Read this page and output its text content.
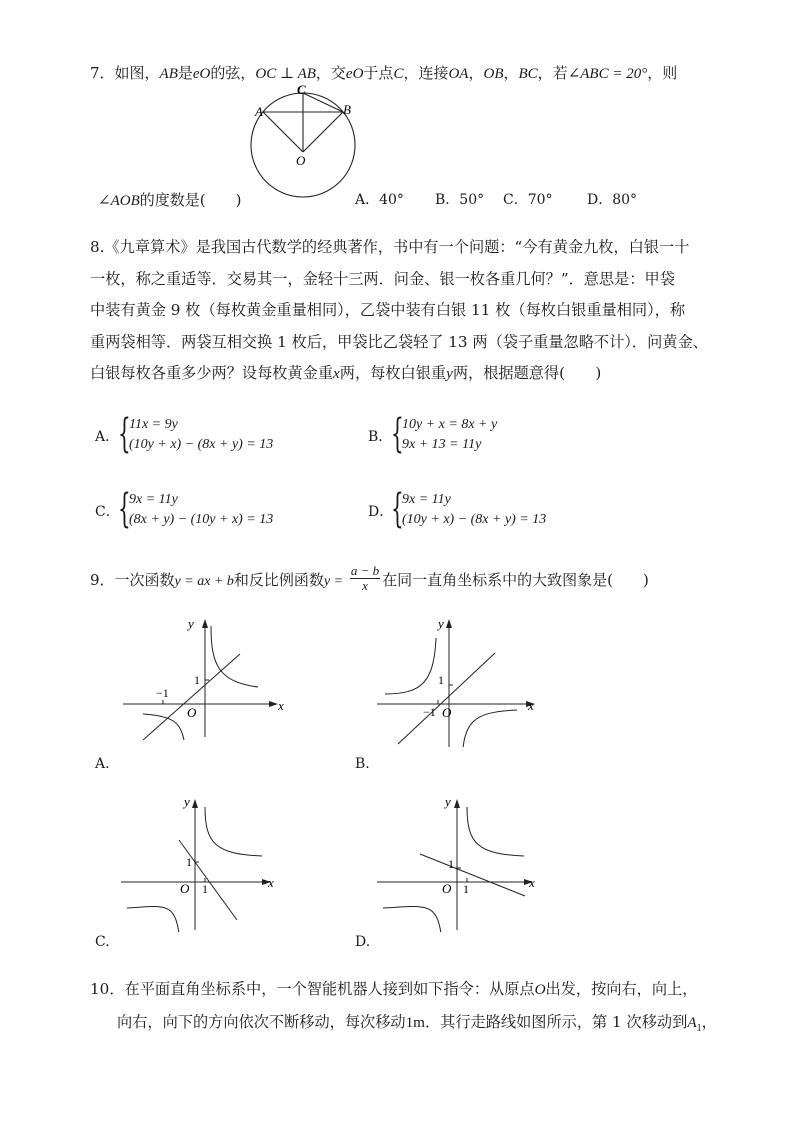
7．如图，AB是eO的弦，OC ⊥ AB，交eO于点C，连接OA，OB，BC，若∠ABC = 20°，则
A	B
C
O
∠AOB的度数是(　　)	A．40° B．50° C．70° D．80°
8.《九章算术》是我国古代数学的经典著作，书中有一个问题：“今有黄金九枚，白银一十
一枚，称之重适等．交易其一，金轻十三两．问金、银一枚各重几何？”．意思是：甲袋
中装有黄金 9 枚（每枚黄金重量相同），乙袋中装有白银 11 枚（每枚白银重量相同），称
重两袋相等．两袋互相交换 1 枚后，甲袋比乙袋轻了 13 两（袋子重量忽略不计）．问黄金、
白银每枚各重多少两？设每枚黄金重x两，每枚白银重y两，根据题意得(　　)
A．
{
11x = 9y
(10y + x) − (8x + y) = 13	B．
{
10y + x = 8x + y
9x + 13 = 11y
C．
{
9x = 11y
(8x + y) − (10y + x) = 13	D．
{
9x = 11y
(10y + x) − (8x + y) = 13
9．一次函数y = ax + b和反比例函数$y = \frac{a - b}{x}$ 在同一直角坐标系中的大致图象是(　　)
x
y
O
1
−1
A.
x
y
O
1
−1
B.
x
y
O
1
1
C.
x
y
O
1
1
D.
10．在平面直角坐标系中，一个智能机器人接到如下指令：从原点O出发，按向右，向上，
向右，向下的方向依次不断移动，每次移动1m．其行走路线如图所示，第 1 次移动到$A_1$，
